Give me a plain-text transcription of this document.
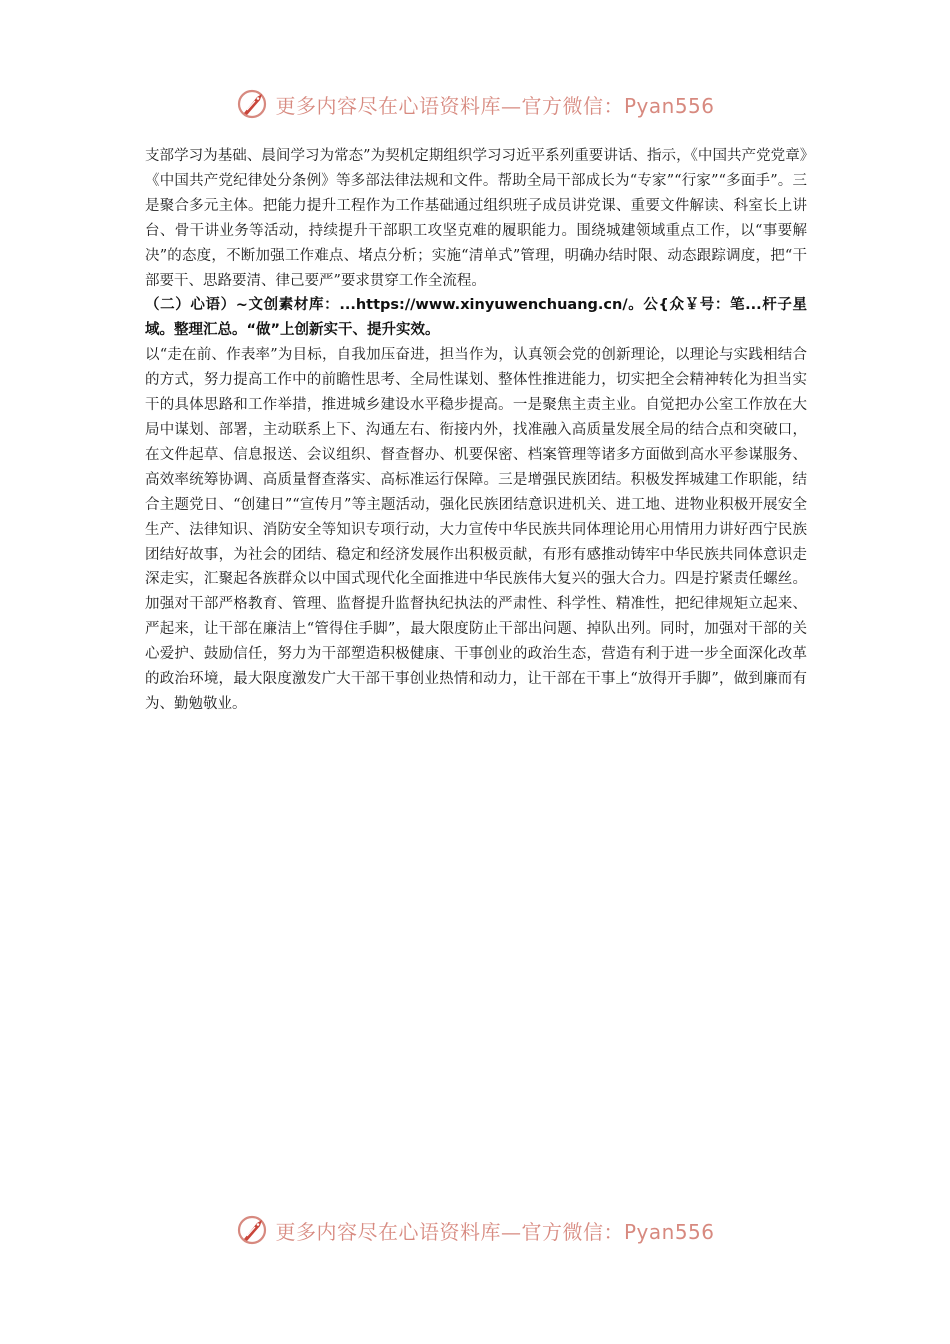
更多内容尽在心语资料库—官方微信：Pyan556

支部学习为基础、晨间学习为常态”为契机定期组织学习习近平系列重要讲话、指示，《中国共产党党章》《中国共产党纪律处分条例》等多部法律法规和文件。帮助全局干部成长为“专家”“行家”“多面手”。三是聚合多元主体。把能力提升工程作为工作基础通过组织班子成员讲党课、重要文件解读、科室长上讲台、骨干讲业务等活动，持续提升干部职工攻坚克难的履职能力。围绕城建领域重点工作，以“事要解决”的态度，不断加强工作难点、堵点分析；实施“清单式”管理，明确办结时限、动态跟踪调度，把“干部要干、思路要清、律己要严”要求贯穿工作全流程。

（二）心语）~文创素材库：...https://www.xinyuwenchuang.cn/。公{众￥号：笔...杆子星域。整理汇总。“做”上创新实干、提升实效。

以“走在前、作表率”为目标，自我加压奋进，担当作为，认真领会党的创新理论，以理论与实践相结合的方式，努力提高工作中的前瞻性思考、全局性谋划、整体性推进能力，切实把全会精神转化为担当实干的具体思路和工作举措，推进城乡建设水平稳步提高。一是聚焦主责主业。自觉把办公室工作放在大局中谋划、部署，主动联系上下、沟通左右、衔接内外，找准融入高质量发展全局的结合点和突破口，在文件起草、信息报送、会议组织、督查督办、机要保密、档案管理等诸多方面做到高水平参谋服务、高效率统筹协调、高质量督查落实、高标准运行保障。三是增强民族团结。积极发挥城建工作职能，结合主题党日、“创建日”“宣传月”等主题活动，强化民族团结意识进机关、进工地、进物业积极开展安全生产、法律知识、消防安全等知识专项行动，大力宣传中华民族共同体理论用心用情用力讲好西宁民族团结好故事，为社会的团结、稳定和经济发展作出积极贡献，有形有感推动铸牢中华民族共同体意识走深走实，汇聚起各族群众以中国式现代化全面推进中华民族伟大复兴的强大合力。四是拧紧责任螺丝。加强对干部严格教育、管理、监督提升监督执纪执法的严肃性、科学性、精准性，把纪律规矩立起来、严起来，让干部在廉洁上“管得住手脚”，最大限度防止干部出问题、掉队出列。同时，加强对干部的关心爱护、鼓励信任，努力为干部塑造积极健康、干事创业的政治生态，营造有利于进一步全面深化改革的政治环境，最大限度激发广大干部干事创业热情和动力，让干部在干事上“放得开手脚”，做到廉而有为、勤勉敬业。

更多内容尽在心语资料库—官方微信：Pyan556
